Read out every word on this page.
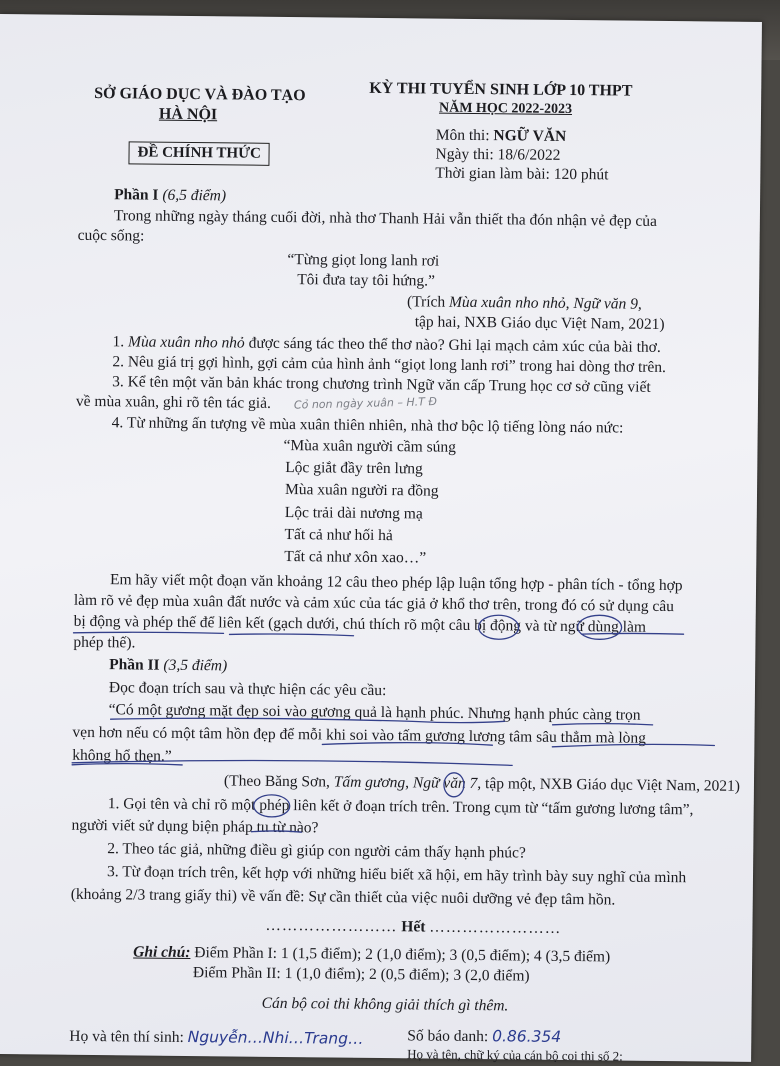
SỞ GIÁO DỤC VÀ ĐÀO TẠO
HÀ NỘI
ĐỀ CHÍNH THỨC
KỲ THI TUYỂN SINH LỚP 10 THPT
NĂM HỌC 2022-2023
Môn thi: NGỮ VĂN
Ngày thi: 18/6/2022
Thời gian làm bài: 120 phút
Phần I (6,5 điểm)
Trong những ngày tháng cuối đời, nhà thơ Thanh Hải vẫn thiết tha đón nhận vẻ đẹp của
cuộc sống:
“Từng giọt long lanh rơi
Tôi đưa tay tôi hứng.”
(Trích Mùa xuân nho nhỏ, Ngữ văn 9,
tập hai, NXB Giáo dục Việt Nam, 2021)
1. Mùa xuân nho nhỏ được sáng tác theo thể thơ nào? Ghi lại mạch cảm xúc của bài thơ.
2. Nêu giá trị gợi hình, gợi cảm của hình ảnh “giọt long lanh rơi” trong hai dòng thơ trên.
3. Kể tên một văn bản khác trong chương trình Ngữ văn cấp Trung học cơ sở cũng viết
về mùa xuân, ghi rõ tên tác giả. Cỏ non ngày xuân – H.T Đ
4. Từ những ấn tượng về mùa xuân thiên nhiên, nhà thơ bộc lộ tiếng lòng náo nức:
“Mùa xuân người cầm súng
Lộc giắt đầy trên lưng
Mùa xuân người ra đồng
Lộc trải dài nương mạ
Tất cả như hối hả
Tất cả như xôn xao…”
Em hãy viết một đoạn văn khoảng 12 câu theo phép lập luận tổng hợp - phân tích - tổng hợp
làm rõ vẻ đẹp mùa xuân đất nước và cảm xúc của tác giả ở khổ thơ trên, trong đó có sử dụng câu
bị động và phép thế để liên kết (gạch dưới, chú thích rõ một câu bị động và từ ngữ dùng làm
phép thế).
Phần II (3,5 điểm)
Đọc đoạn trích sau và thực hiện các yêu cầu:
“Có một gương mặt đẹp soi vào gương quả là hạnh phúc. Nhưng hạnh phúc càng trọn
vẹn hơn nếu có một tâm hồn đẹp để mỗi khi soi vào tấm gương lương tâm sâu thẳm mà lòng
không hổ thẹn.”
(Theo Băng Sơn, Tấm gương, Ngữ văn 7, tập một, NXB Giáo dục Việt Nam, 2021)
1. Gọi tên và chỉ rõ một phép liên kết ở đoạn trích trên. Trong cụm từ “tấm gương lương tâm”,
người viết sử dụng biện pháp tu từ nào?
2. Theo tác giả, những điều gì giúp con người cảm thấy hạnh phúc?
3. Từ đoạn trích trên, kết hợp với những hiểu biết xã hội, em hãy trình bày suy nghĩ của mình
(khoảng 2/3 trang giấy thi) về vấn đề: Sự cần thiết của việc nuôi dưỡng vẻ đẹp tâm hồn.
…………………… Hết ……………………
Ghi chú: Điểm Phần I: 1 (1,5 điểm); 2 (1,0 điểm); 3 (0,5 điểm); 4 (3,5 điểm)
Điểm Phần II: 1 (1,0 điểm); 2 (0,5 điểm); 3 (2,0 điểm)
Cán bộ coi thi không giải thích gì thêm.
Họ và tên thí sinh: Nguyễn…Nhi…Trang…	Số báo danh: 0.86.354
Họ và tên, chữ ký của cán bộ coi thi số 2:
